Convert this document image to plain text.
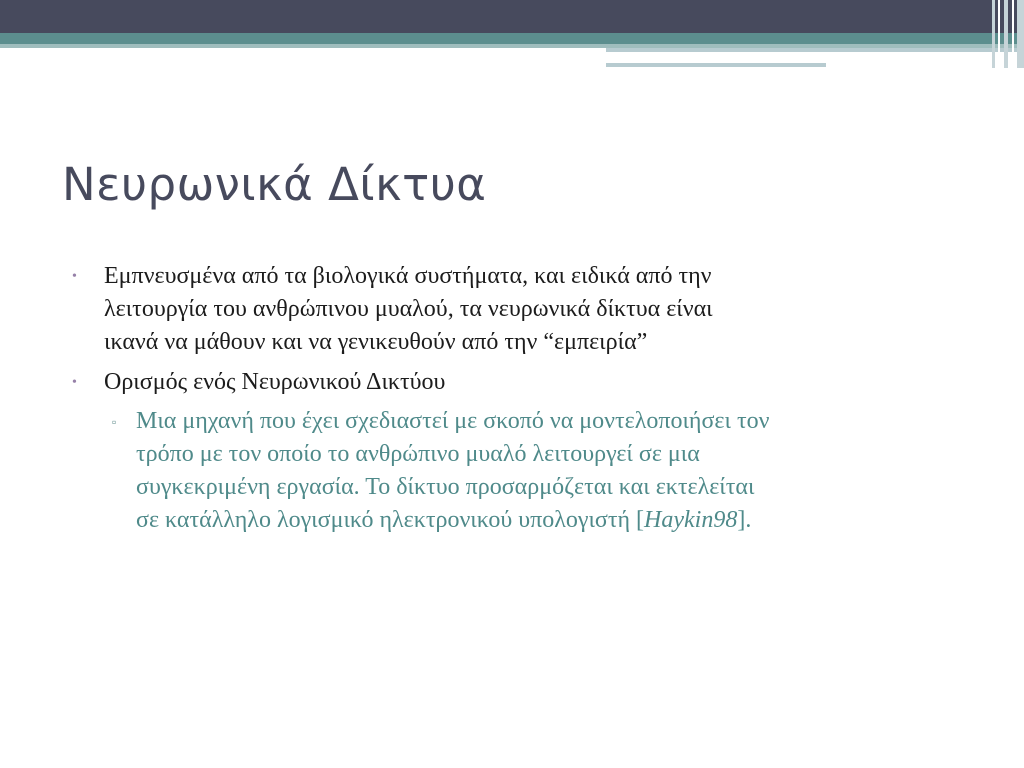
Νευρωνικά Δίκτυα
• Εμπνευσμένα από τα βιολογικά συστήματα, και ειδικά από την
λειτουργία του ανθρώπινου μυαλού, τα νευρωνικά δίκτυα είναι
ικανά να μάθουν και να γενικευθούν από την “εμπειρία”
• Ορισμός ενός Νευρωνικού Δικτύου
▫ Μια μηχανή που έχει σχεδιαστεί με σκοπό να μοντελοποιήσει τον
τρόπο με τον οποίο το ανθρώπινο μυαλό λειτουργεί σε μια
συγκεκριμένη εργασία. Το δίκτυο προσαρμόζεται και εκτελείται
σε κατάλληλο λογισμικό ηλεκτρονικού υπολογιστή [Haykin98].
